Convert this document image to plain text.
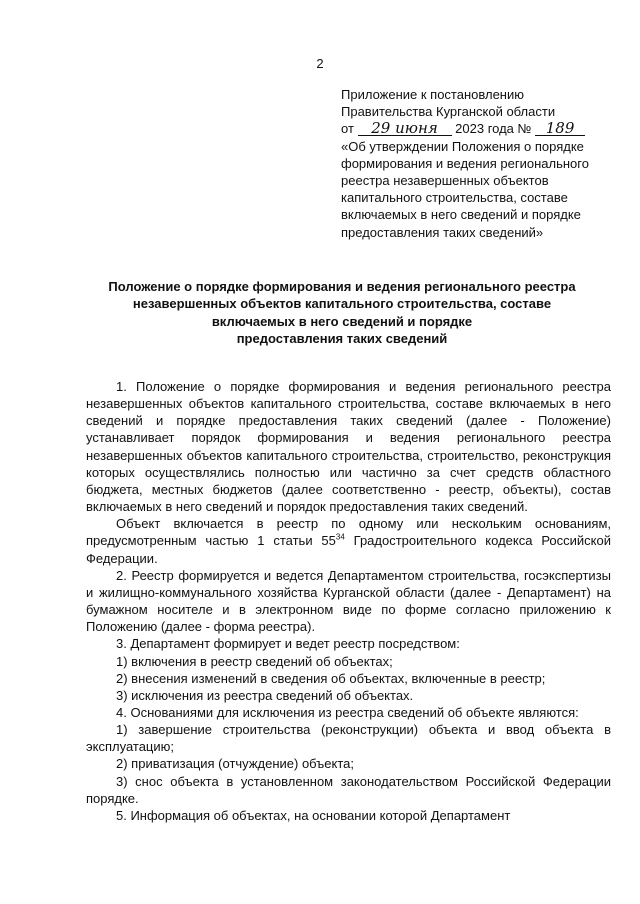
2
Приложение к постановлению
Правительства Курганской области
от 29 июня 2023 года № 189
«Об утверждении Положения о порядке
формирования и ведения регионального
реестра незавершенных объектов
капитального строительства, составе
включаемых в него сведений и порядке
предоставления таких сведений»
Положение о порядке формирования и ведения регионального реестра
незавершенных объектов капитального строительства, составе
включаемых в него сведений и порядке
предоставления таких сведений

1. Положение о порядке формирования и ведения регионального реестра незавершенных объектов капитального строительства, составе включаемых в него сведений и порядке предоставления таких сведений (далее - Положение) устанавливает порядок формирования и ведения регионального реестра незавершенных объектов капитального строительства, строительство, реконструкция которых осуществлялись полностью или частично за счет средств областного бюджета, местных бюджетов (далее соответственно - реестр, объекты), состав включаемых в него сведений и порядок предоставления таких сведений.

Объект включается в реестр по одному или нескольким основаниям, предусмотренным частью 1 статьи $55^{34}$ Градостроительного кодекса Российской Федерации.

2. Реестр формируется и ведется Департаментом строительства, госэкспертизы и жилищно-коммунального хозяйства Курганской области (далее - Департамент) на бумажном носителе и в электронном виде по форме согласно приложению к Положению (далее - форма реестра).

3. Департамент формирует и ведет реестр посредством:

1) включения в реестр сведений об объектах;

2) внесения изменений в сведения об объектах, включенные в реестр;

3) исключения из реестра сведений об объектах.

4. Основаниями для исключения из реестра сведений об объекте являются:

1) завершение строительства (реконструкции) объекта и ввод объекта в эксплуатацию;

2) приватизация (отчуждение) объекта;

3) снос объекта в установленном законодательством Российской Федерации порядке.

5. Информация об объектах, на основании которой Департамент
